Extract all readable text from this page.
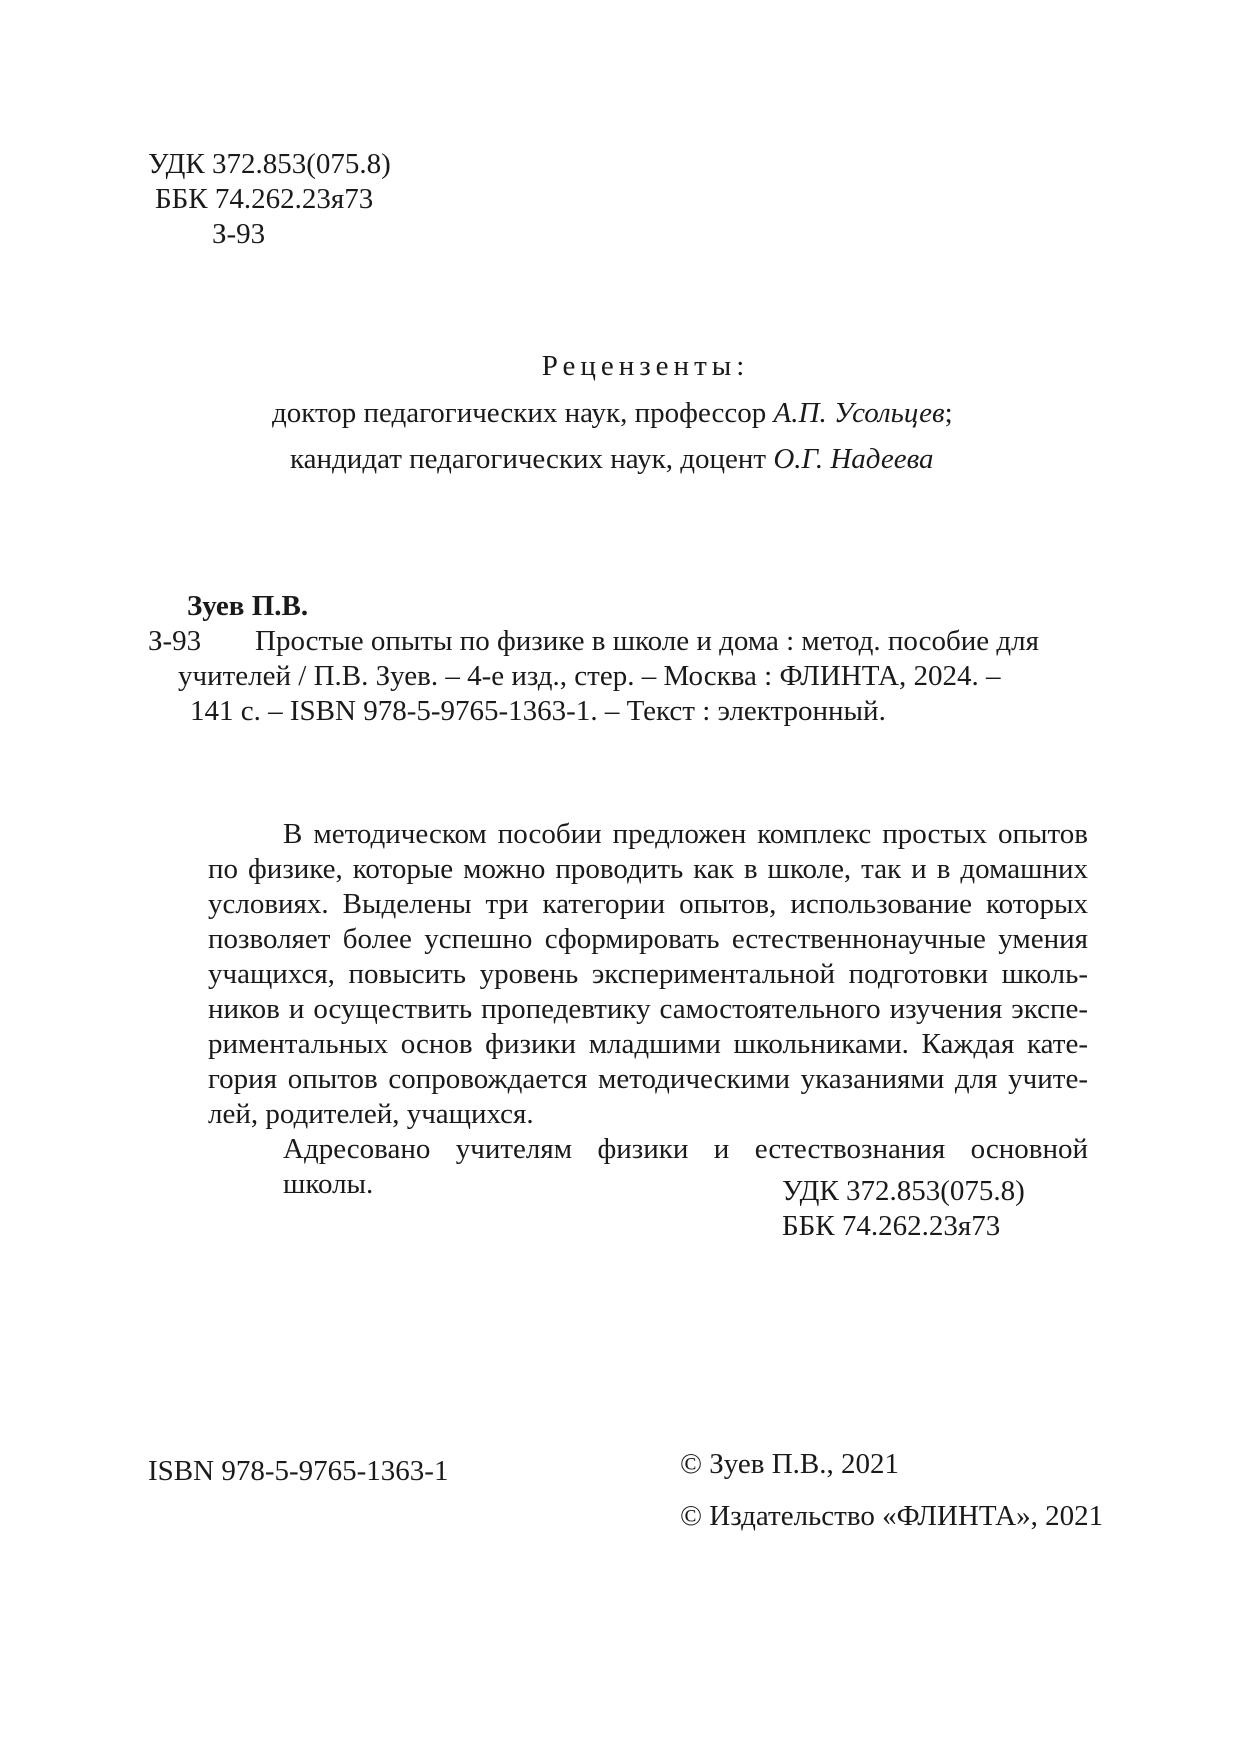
УДК 372.853(075.8)
ББК 74.262.23я73
З-93
Рецензенты:
доктор педагогических наук, профессор А.П. Усольцев;
кандидат педагогических наук, доцент О.Г. Надеева
Зуев П.В.
З-93 Простые опыты по физике в школе и дома : метод. пособие для
учителей / П.В. Зуев. – 4-е изд., стер. – Москва : ФЛИНТА, 2024. –
141 с. – ISBN 978-5-9765-1363-1. – Текст : электронный.
В методическом пособии предложен комплекс простых опытов
по физике, которые можно проводить как в школе, так и в домашних
условиях. Выделены три категории опытов, использование которых
позволяет более успешно сформировать естественнонаучные умения
учащихся, повысить уровень экспериментальной подготовки школь-
ников и осуществить пропедевтику самостоятельного изучения экспе-
риментальных основ физики младшими школьниками. Каждая кате-
гория опытов сопровождается методическими указаниями для учите-
лей, родителей, учащихся.
Адресовано учителям физики и естествознания основной школы.	УДК 372.853(075.8)
ББК 74.262.23я73
ISBN 978-5-9765-1363-1	© Зуев П.В., 2021
© Издательство «ФЛИНТА», 2021
